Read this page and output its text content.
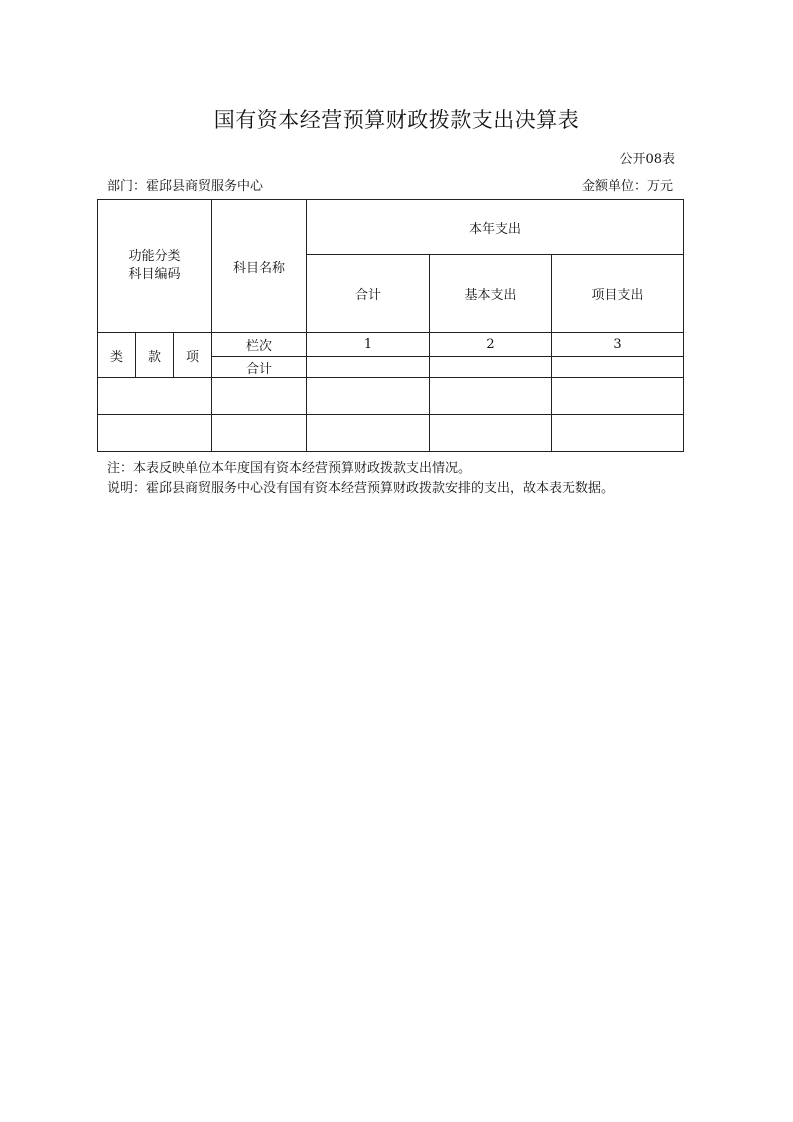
国有资本经营预算财政拨款支出决算表
公开08表
部门：霍邱县商贸服务中心	金额单位：万元
功能分类
科目编码			科目名称	本年支出		
				合计	基本支出	项目支出
类	款	项	栏次	1	2	3
			合计			

注：本表反映单位本年度国有资本经营预算财政拨款支出情况。
说明：霍邱县商贸服务中心没有国有资本经营预算财政拨款安排的支出，故本表无数据。
